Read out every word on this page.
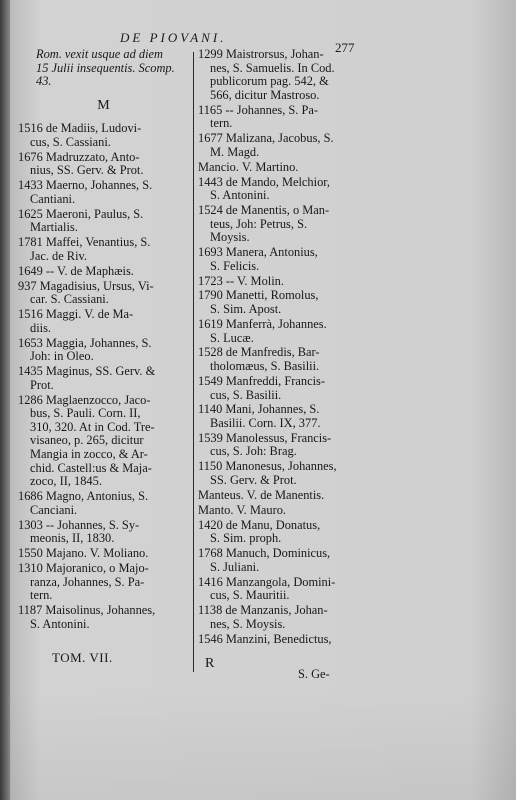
DE PIOVANI.
277
Rom. vexit usque ad diem
15 Julii insequentis. Scomp.
43.
M
1516 de Madiis, Ludovi-
cus, S. Cassiani.
1676 Madruzzato, Anto-
nius, SS. Gerv. & Prot.
1433 Maerno, Johannes, S.
Cantiani.
1625 Maeroni, Paulus, S.
Martialis.
1781 Maffei, Venantius, S.
Jac. de Riv.
1649 -- V. de Maphæis.
937 Magadisius, Ursus, Vi-
car. S. Cassiani.
1516 Maggi. V. de Ma-
diis.
1653 Maggia, Johannes, S.
Joh: in Oleo.
1435 Maginus, SS. Gerv. &
Prot.
1286 Maglaenzocco, Jaco-
bus, S. Pauli. Corn. II,
310, 320. At in Cod. Tre-
visaneo, p. 265, dicitur
Mangia in zocco, & Ar-
chid. Castell:us & Maja-
zoco, II, 1845.
1686 Magno, Antonius, S.
Canciani.
1303 -- Johannes, S. Sy-
meonis, II, 1830.
1550 Majano. V. Moliano.
1310 Majoranico, o Majo-
ranza, Johannes, S. Pa-
tern.
1187 Maisolinus, Johannes,
S. Antonini.
1299 Maistrorsus, Johan-
nes, S. Samuelis. In Cod.
publicorum pag. 542, &
566, dicitur Mastroso.
1165 -- Johannes, S. Pa-
tern.
1677 Malizana, Jacobus, S.
M. Magd.
Mancio. V. Martino.
1443 de Mando, Melchior,
S. Antonini.
1524 de Manentis, o Man-
teus, Joh: Petrus, S.
Moysis.
1693 Manera, Antonius,
S. Felicis.
1723 -- V. Molin.
1790 Manetti, Romolus,
S. Sim. Apost.
1619 Manferrà, Johannes.
S. Lucæ.
1528 de Manfredis, Bar-
tholomæus, S. Basilii.
1549 Manfreddi, Francis-
cus, S. Basilii.
1140 Mani, Johannes, S.
Basilii. Corn. IX, 377.
1539 Manolessus, Francis-
cus, S. Joh: Brag.
1150 Manonesus, Johannes,
SS. Gerv. & Prot.
Manteus. V. de Manentis.
Manto. V. Mauro.
1420 de Manu, Donatus,
S. Sim. proph.
1768 Manuch, Dominicus,
S. Juliani.
1416 Manzangola, Domini-
cus, S. Mauritii.
1138 de Manzanis, Johan-
nes, S. Moysis.
1546 Manzini, Benedictus,
TOM. VII.	R
S. Ge-
